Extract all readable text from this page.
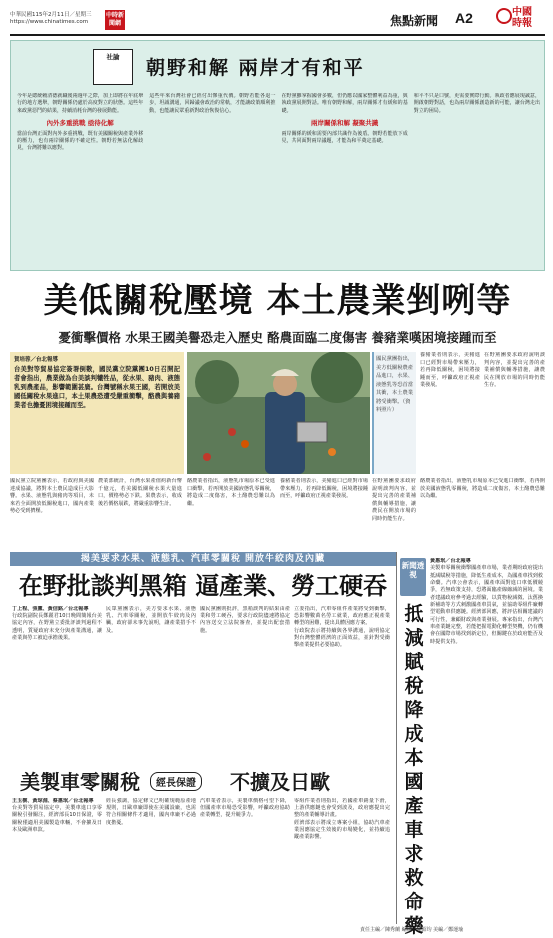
中華民國115年2月11日／星期三
https://www.chinatimes.com
中時新聞網	焦點新聞 A2	中國時報
社論	朝野和解 兩岸才有和平
今年是總統賴清德就職後兩週年之際，加上即將在年底舉行的地方選舉，朝野關係仍處於高度對立的狀態。這些年來政黨惡鬥的結果，持續消耗台灣的發展動能。
內外多重挑戰 亟待化解
當前台灣正面對內外多重挑戰，既有美國關稅與產業外移的壓力，也有兩岸關係的不確定性。朝野若無法化解歧見，台灣將難以應對。
這些年來台灣社會已經付出慘重代價。朝野若能各退一步，坦誠溝通，回歸議會政治的常軌，才能讓政策順利推動，也能讓民眾重新對政治恢復信心。
在野黨雖掌握國會多數，但仍應以國家整體利益為重，與執政黨展開對話。唯有朝野和解，兩岸關係才有緩和的基礎。
兩岸關係和解 凝聚共識
兩岸關係的緩和需要內部共識作為後盾。朝野若能放下成見，共同面對兩岸議題，才能為和平奠定基礎。
和平不只是口號，更需要實際行動。執政者應展現誠意，開啟朝野對話，也為兩岸關係創造新的可能，讓台灣走出對立的困局。
美低關稅壓境 本土農業剉咧等
憂衝擊價格 水果王國美譽恐走入歷史 酪農面臨二度傷害 養豬業嘆困境接踵而至
賀培蓉／台北報導
台美對等貿易協定簽署倒數，國民黨立院黨團10日召開記者會指出，農業做為台美談判犧牲品，從水果、豬肉、液態乳到農產品，影響範圍甚廣。台灣號稱水果王國，若開放美國低關稅水果進口，本土果農恐遭受嚴重衝擊，酪農與養豬業者也擔憂困境接踵而至。
國民黨團指出，美方低關稅農產品進口，水果、液態乳等恐首當其衝，本土農業將受衝擊。（資料照片）
養豬業者則表示，美豬進口已經對市場帶來壓力，若再降低關稅，困境將接踵而至，呼籲政府正視產業發展。
在野黨團要求政府說明談判內容，並提出完善的產業補償與輔導措施，讓農民在開放市場的同時仍能生存。
國民黨立院黨團表示，若政府與美國達成協議，將對本土農民造成巨大影響。水果、液態乳與豬肉等項目，未來若全面開放低關稅進口，國內產業勢必受到擠壓。
農業部統計，台灣水果產值約新台幣千億元，若美國低關稅水果大量進口，價格勢必下跌。果農表示，收成後若價格崩跌，將嚴重影響生計。
酪農業者指出，液態乳市場原本已受進口衝擊，若再開放美國液態乳零關稅，將造成二度傷害，本土酪農恐難以為繼。
養豬業者則表示，美豬進口已經對市場帶來壓力，若再降低關稅，困境將接踵而至，呼籲政府正視產業發展。
在野黨團要求政府說明談判內容，並提出完善的產業補償與輔導措施，讓農民在開放市場的同時仍能生存。
酪農業者指出，液態乳市場原本已受進口衝擊，若再開放美國液態乳零關稅，將造成二度傷害，本土酪農恐難以為繼。
揭美要求水果、液態乳、汽車零關稅 開放牛絞肉及內臟
在野批談判黑箱 逼產業、勞工硬吞
丁上程、張薰、黃信銘／台北報導
行政院副院長鄭麗君10日晚間簡報台美協定內容，在野黨立委批評談判過程不透明，質疑政府未充分與產業溝通，讓產業與勞工被迫承擔後果。
民眾黨團表示，美方要求水果、液態乳、汽車零關稅，並開放牛絞肉及內臟，政府卻未事先說明，讓產業措手不及。
國民黨團則批評，黑箱談判的結果由產業和勞工硬吞，要求行政院儘速將協定內容送交立法院審查，並提出配套措施。
立委指出，汽車零組件產業將受到衝擊，恐影響數萬名勞工就業，政府應正視產業轉型的困難，提出具體因應方案。
行政院表示將持續與各界溝通，說明協定對台灣整體經濟的正面效益，並針對受衝擊產業提供必要協助。
美製車零關稅	經長保證	不擴及日歐
王玉樹、黃琮淵、蔡惠珉／台北報導
台美對等貿易協定中，美製車進口享零關稅引發關注，經濟部長10日保證，零關稅僅適用美國製造車輛，不會擴及日本及歐洲車款。
經長強調，協定條文已明確規範原產地規則，日歐車廠即使在美國設廠，也需符合相關條件才適用，國內車廠不必過度擔憂。
汽車業者表示，美製車價格可望下降，但國產車市場恐受影響，呼籲政府協助產業轉型，提升競爭力。
零組件業者則指出，若國產車銷量下滑，上游供應鏈也會受到波及，政府應提出完整的產業輔導計畫。
經濟部表示將成立專案小組，協助汽車產業因應協定生效後的市場變化，並持續追蹤產業影響。
新聞透視
抵減賦稅降成本 國產車求救命藥
黃惠珉／台北報導
美製車零關稅衝擊國產車市場，業者期盼政府提出抵減賦稅等措施，降低生產成本，為國產車找到救命藥。汽車公會表示，國產車面對進口車低價競爭，若無政策支持，恐將面臨產線縮減的困境。業者建議政府參考過去經驗，以貨物稅減徵、汰舊換新補助等方式刺激國產車買氣，並協助零組件廠轉型電動車供應鏈。經濟部回應，將評估相關建議的可行性，兼顧財政與產業發展。專家指出，台灣汽車產業鏈完整，若能把握電動化轉型契機，仍有機會在國際市場找到新定位，但關鍵在於政府能否及時提供支持。
責任主編／陳秀蘭 編輯／陳昭均 美編／鄭運瑜
